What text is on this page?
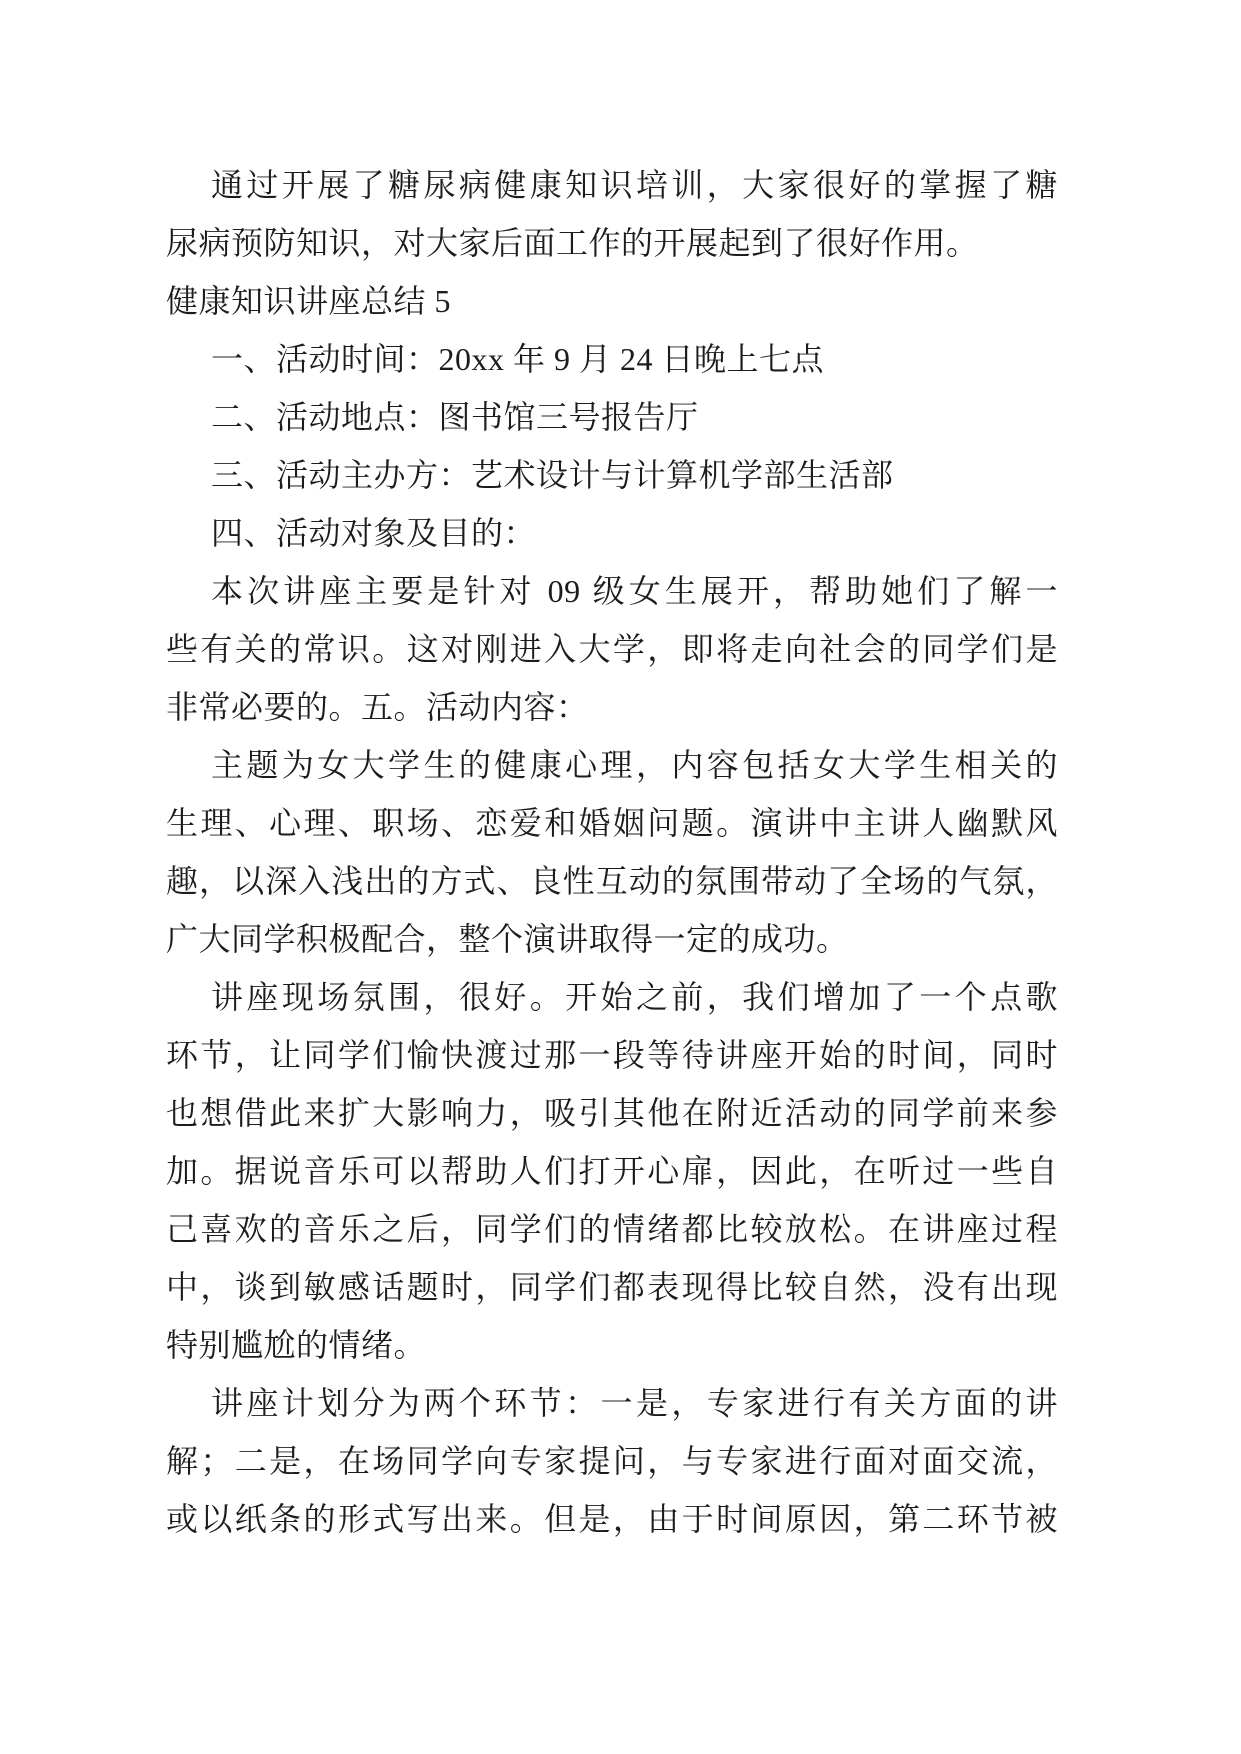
通过开展了糖尿病健康知识培训，大家很好的掌握了糖
尿病预防知识，对大家后面工作的开展起到了很好作用。
健康知识讲座总结 5
一、活动时间：20xx 年 9 月 24 日晚上七点
二、活动地点：图书馆三号报告厅
三、活动主办方：艺术设计与计算机学部生活部
四、活动对象及目的：
本次讲座主要是针对 09 级女生展开，帮助她们了解一
些有关的常识。这对刚进入大学，即将走向社会的同学们是
非常必要的。五。活动内容：
主题为女大学生的健康心理，内容包括女大学生相关的
生理、心理、职场、恋爱和婚姻问题。演讲中主讲人幽默风
趣，以深入浅出的方式、良性互动的氛围带动了全场的气氛，
广大同学积极配合，整个演讲取得一定的成功。
讲座现场氛围，很好。开始之前，我们增加了一个点歌
环节，让同学们愉快渡过那一段等待讲座开始的时间，同时
也想借此来扩大影响力，吸引其他在附近活动的同学前来参
加。据说音乐可以帮助人们打开心扉，因此，在听过一些自
己喜欢的音乐之后，同学们的情绪都比较放松。在讲座过程
中，谈到敏感话题时，同学们都表现得比较自然，没有出现
特别尴尬的情绪。
讲座计划分为两个环节：一是，专家进行有关方面的讲
解；二是，在场同学向专家提问，与专家进行面对面交流，
或以纸条的形式写出来。但是，由于时间原因，第二环节被
